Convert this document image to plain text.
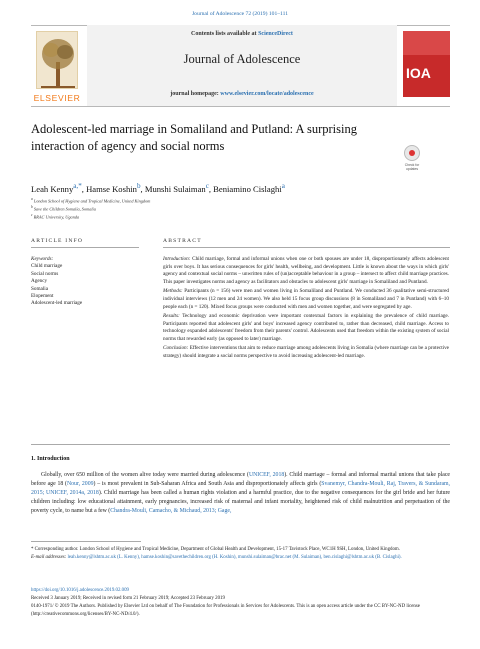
Journal of Adolescence 72 (2019) 101–111
ELSEVIER
Contents lists available at ScienceDirect
Journal of Adolescence
journal homepage: www.elsevier.com/locate/adolescence
IOA
Adolescent-led marriage in Somaliland and Putland: A surprising
interaction of agency and social norms
Check for updates
Leah Kenny$^{a,*}$, Hamse Koshin$^b$, Munshi Sulaiman$^c$, Beniamino Cislaghi$^a$
$^a$ London School of Hygiene and Tropical Medicine, United Kingdom
$^b$ Save the Children Somalia, Somalia
$^c$ BRAC University, Uganda
ARTICLE INFO	ABSTRACT
Keywords:
Child marriage
Social norms
Agency
Somalia
Elopement
Adolescent-led marriage

Introduction: Child marriage, formal and informal unions when one or both spouses are under 18, disproportionately affects adolescent girls over boys. It has serious consequences for girls' health, wellbeing, and development. Little is known about the ways in which girls' agency and contextual social norms – unwritten rules of (un)acceptable behaviour in a group – intersect to affect child marriage practices. This paper investigates norms and agency as facilitators and obstacles to adolescent girls' marriage in Somaliland and Puntland.

Methods: Participants (n = 156) were men and women living in Somaliland and Puntland. We conducted 36 qualitative semi-structured individual interviews (12 men and 24 women). We also held 15 focus group discussions (8 in Somaliland and 7 in Puntland) with 6–10 people each (n = 120). Mixed focus groups were conducted with men and women together, and were segregated by age.

Results: Technology and economic deprivation were important contextual factors in explaining the prevalence of child marriage. Participants reported that adolescent girls' and boys' increased agency contributed to, rather than decreased, child marriage. Access to technology expanded adolescents' freedom from their parents' control. Adolescents used that freedom within the existing system of social norms that rewarded early (as opposed to later) marriage.

Conclusion: Effective interventions that aim to reduce marriage among adolescents living in Somalia (where marriage can be a protective strategy) should integrate a social norms perspective to avoid increasing adolescent-led marriage.

1. Introduction
Globally, over 650 million of the women alive today were married during adolescence (UNICEF, 2018). Child marriage – formal and informal marital unions that take place before age 18 (Nour, 2009) – is most prevalent in Sub-Saharan Africa and South Asia and disproportionately affects girls (Svanemyr, Chandra-Mouli, Raj, Travers, & Sundaram, 2015; UNICEF, 2014a, 2018). Child marriage has been called a human rights violation and a harmful practice, due to the negative consequences for the girl bride and her future children including: low educational attainment, early pregnancies, increased risk of maternal and infant mortality, heightened risk of child malnutrition and perpetuation of the poverty cycle, to name but a few (Chandra-Mouli, Camacho, & Michaud, 2013; Gage,

* Corresponding author. London School of Hygiene and Tropical Medicine, Department of Global Health and Development, 15-17 Tavistock Place, WC1H 9SH, London, United Kingdom.

E-mail addresses: leah.kenny@lshtm.ac.uk (L. Kenny), hamse.koshin@savethechildren.org (H. Koshin), munshi.sulaiman@brac.net (M. Sulaiman), ben.cislaghi@lshtm.ac.uk (B. Cislaghi).

https://doi.org/10.1016/j.adolescence.2019.02.009

Received 3 January 2019; Received in revised form 21 February 2019; Accepted 23 February 2019

0140-1971/ © 2019 The Authors. Published by Elsevier Ltd on behalf of The Foundation for Professionals in Services for Adolescents. This is an open access article under the CC BY-NC-ND license (http://creativecommons.org/licenses/BY-NC-ND/4.0/).
